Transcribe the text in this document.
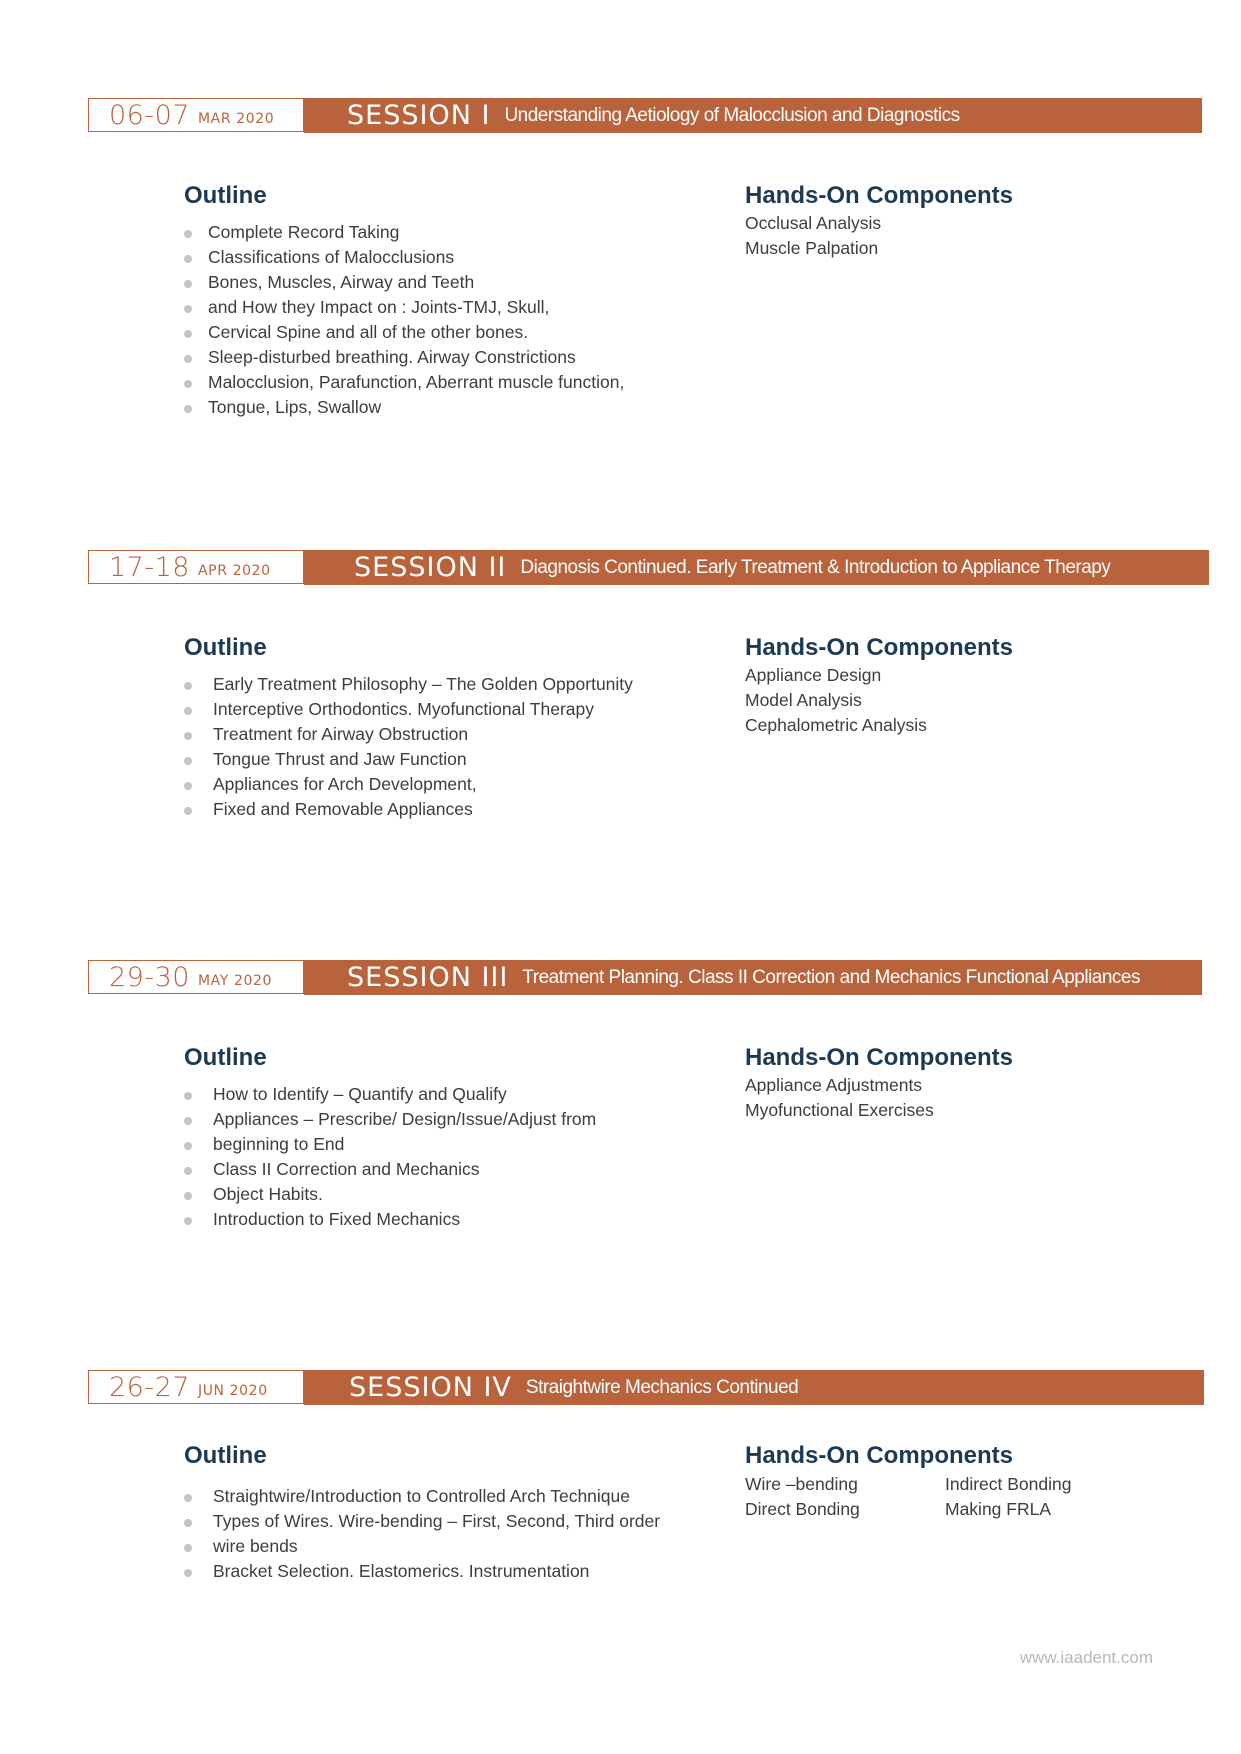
06-07 MAR 2020	SESSION I Understanding Aetiology of Malocclusion and Diagnostics
Outline
Complete Record Taking
Classifications of Malocclusions
Bones, Muscles, Airway and Teeth
and How they Impact on : Joints-TMJ, Skull,
Cervical Spine and all of the other bones.
Sleep-disturbed breathing. Airway Constrictions
Malocclusion, Parafunction, Aberrant muscle function,
Tongue, Lips, Swallow
Hands-On Components
Occlusal Analysis
Muscle Palpation
17-18 APR 2020	SESSION II Diagnosis Continued. Early Treatment & Introduction to Appliance Therapy
Outline
Early Treatment Philosophy – The Golden Opportunity
Interceptive Orthodontics. Myofunctional Therapy
Treatment for Airway Obstruction
Tongue Thrust and Jaw Function
Appliances for Arch Development,
Fixed and Removable Appliances
Hands-On Components
Appliance Design
Model Analysis
Cephalometric Analysis
29-30 MAY 2020	SESSION III Treatment Planning. Class II Correction and Mechanics Functional Appliances
Outline
How to Identify – Quantify and Qualify
Appliances – Prescribe/ Design/Issue/Adjust from
beginning to End
Class II Correction and Mechanics
Object Habits.
Introduction to Fixed Mechanics
Hands-On Components
Appliance Adjustments
Myofunctional Exercises
26-27 JUN 2020	SESSION IV Straightwire Mechanics Continued
Outline
Straightwire/Introduction to Controlled Arch Technique
Types of Wires. Wire-bending – First, Second, Third order
wire bends
Bracket Selection. Elastomerics. Instrumentation
Hands-On Components
Wire –bending	Indirect Bonding
Direct Bonding	Making FRLA
www.iaadent.com
